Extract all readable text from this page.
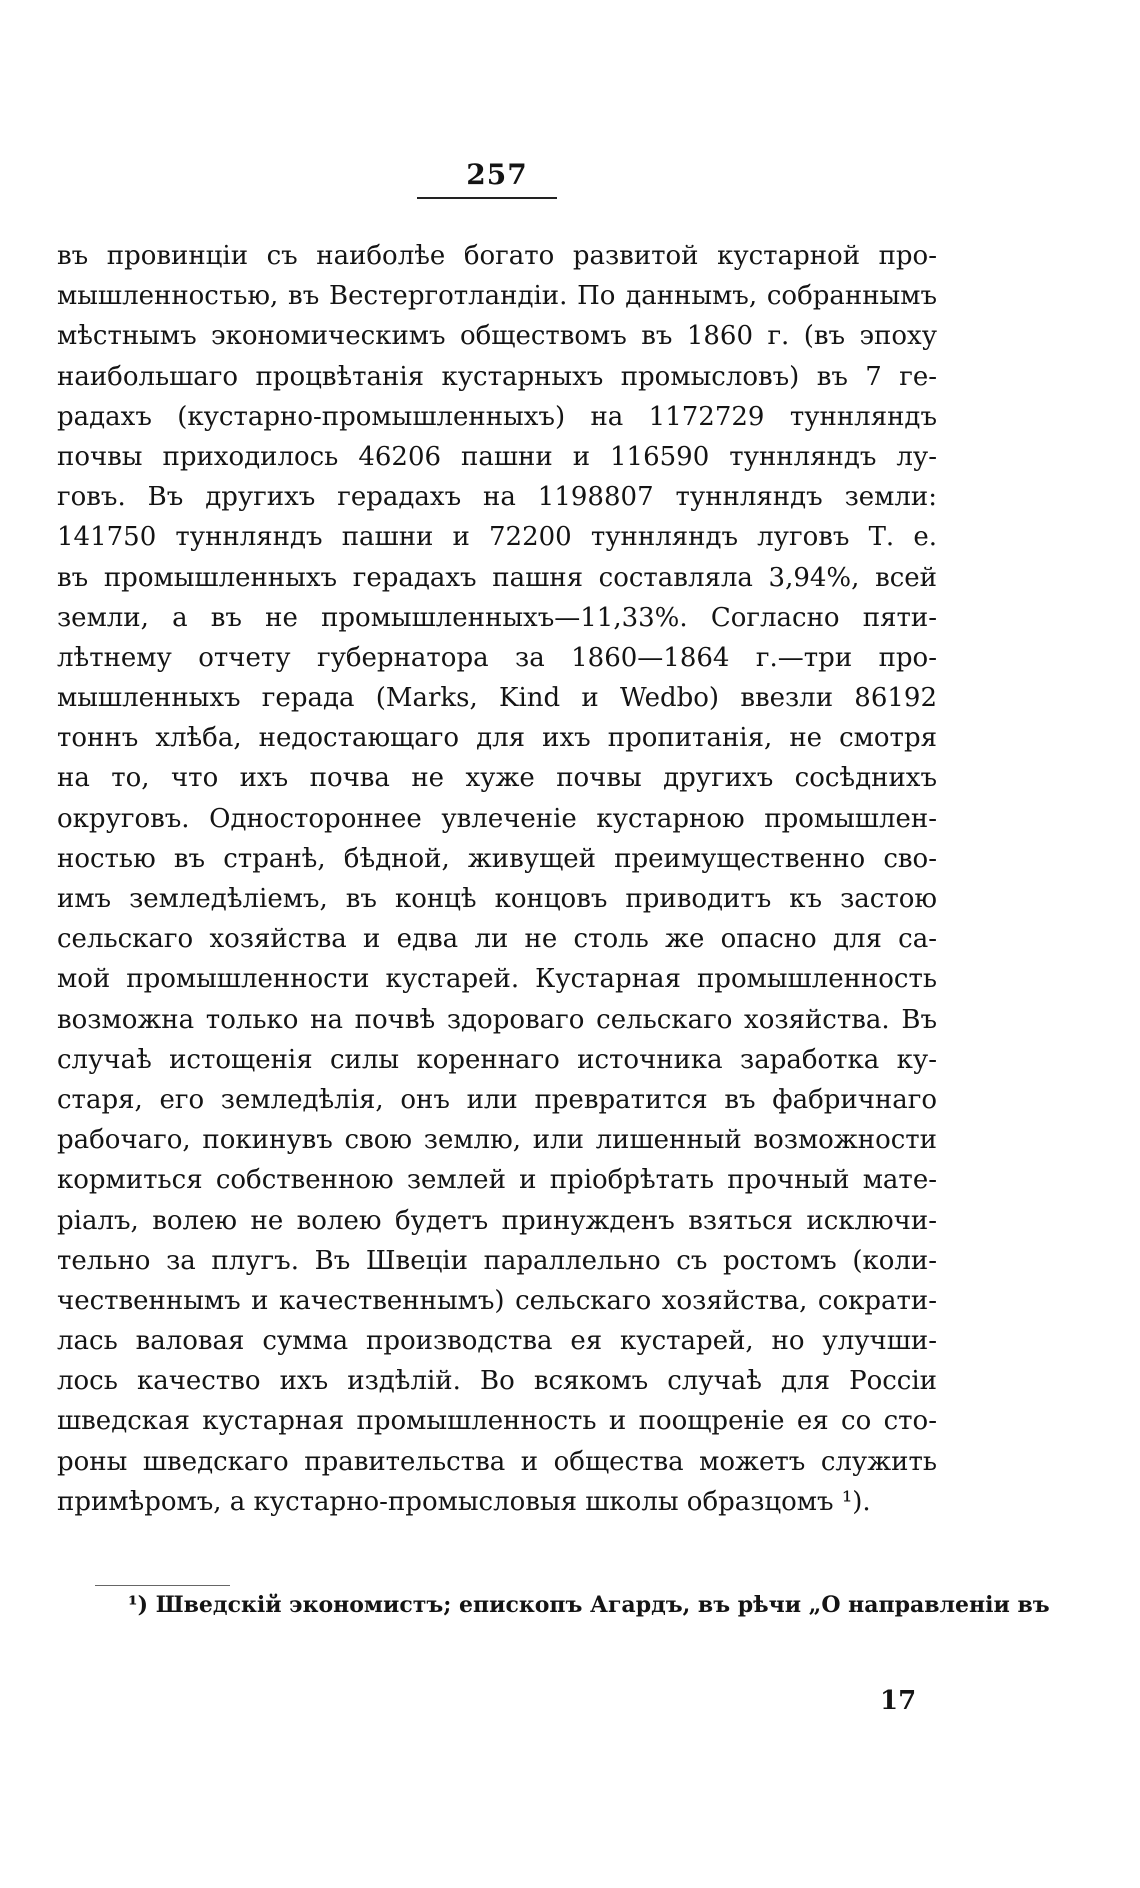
257
въ провинціи съ наиболѣе богато развитой кустарной про-
мышленностью, въ Вестерготландіи. По даннымъ, собраннымъ
мѣстнымъ экономическимъ обществомъ въ 1860 г. (въ эпоху
наибольшаго процвѣтанія кустарныхъ промысловъ) въ 7 ге-
радахъ (кустарно-промышленныхъ) на 1172729 туннляндъ
почвы приходилось 46206 пашни и 116590 туннляндъ лу-
говъ. Въ другихъ герадахъ на 1198807 туннляндъ земли:
141750 туннляндъ пашни и 72200 туннляндъ луговъ Т. е.
въ промышленныхъ герадахъ пашня составляла 3,94%, всей
земли, а въ не промышленныхъ—11,33%. Согласно пяти-
лѣтнему отчету губернатора за 1860—1864 г.—три про-
мышленныхъ герада (Marks, Kind и Wedbo) ввезли 86192
тоннъ хлѣба, недостающаго для ихъ пропитанія, не смотря
на то, что ихъ почва не хуже почвы другихъ сосѣднихъ
округовъ. Одностороннее увлеченіе кустарною промышлен-
ностью въ странѣ, бѣдной, живущей преимущественно сво-
имъ земледѣліемъ, въ концѣ концовъ приводитъ къ застою
сельскаго хозяйства и едва ли не столь же опасно для са-
мой промышленности кустарей. Кустарная промышленность
возможна только на почвѣ здороваго сельскаго хозяйства. Въ
случаѣ истощенія силы кореннаго источника заработка ку-
старя, его земледѣлія, онъ или превратится въ фабричнаго
рабочаго, покинувъ свою землю, или лишенный возможности
кормиться собственною землей и пріобрѣтать прочный мате-
ріалъ, волею не волею будетъ принужденъ взяться исключи-
тельно за плугъ. Въ Швеціи параллельно съ ростомъ (коли-
чественнымъ и качественнымъ) сельскаго хозяйства, сократи-
лась валовая сумма производства ея кустарей, но улучши-
лось качество ихъ издѣлій. Во всякомъ случаѣ для Россіи
шведская кустарная промышленность и поощреніе ея со сто-
роны шведскаго правительства и общества можетъ служить
примѣромъ, а кустарно-промысловыя школы образцомъ ¹).
¹) Шведскій экономистъ; епископъ Агардъ, въ рѣчи „О направленіи въ
17
